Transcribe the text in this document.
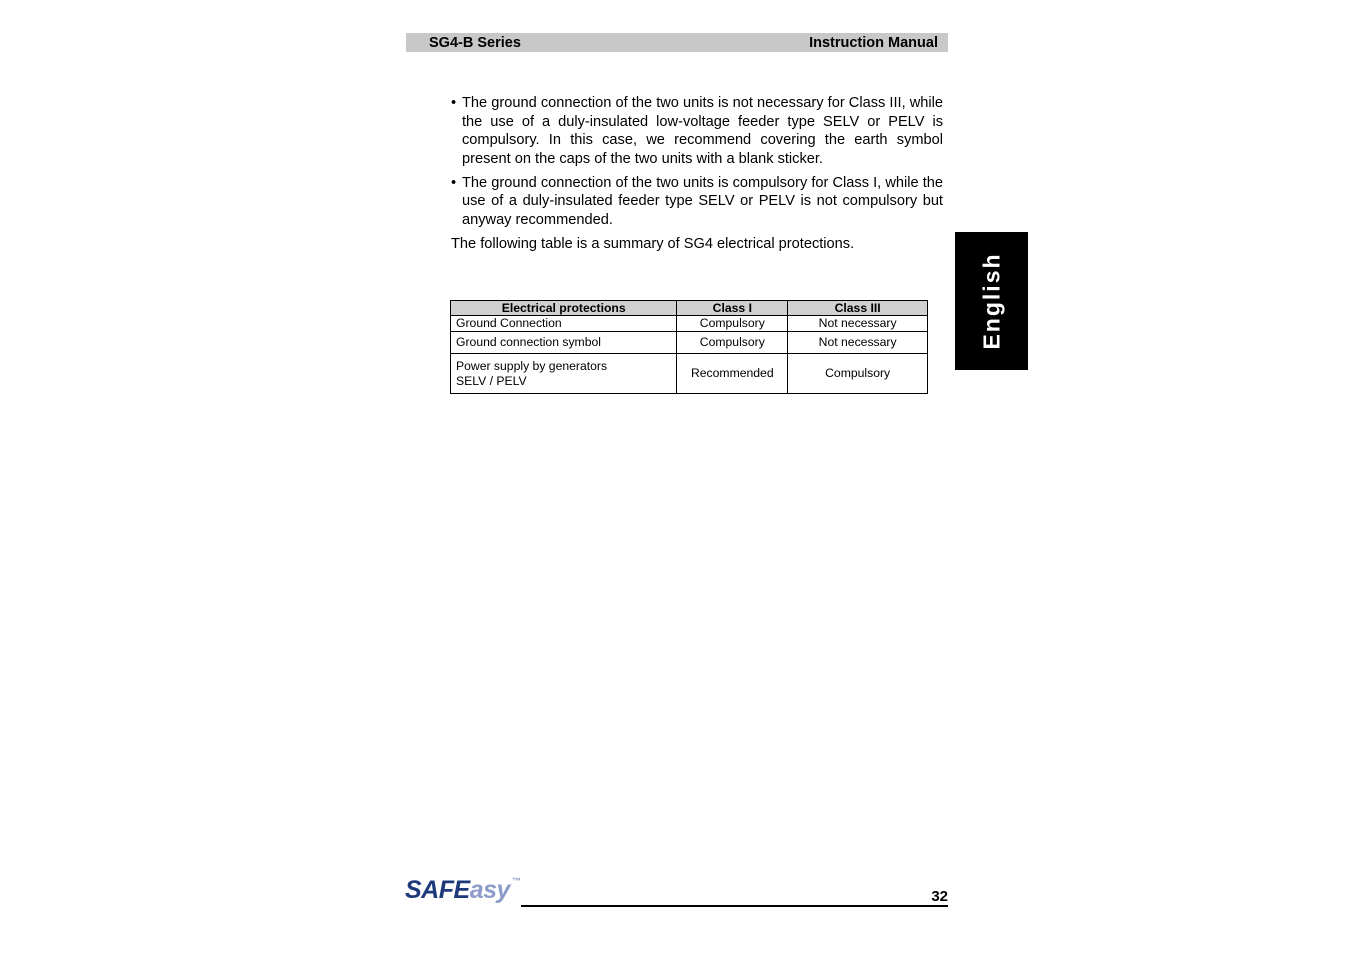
SG4-B Series	Instruction Manual
• The ground connection of the two units is not necessary for Class III, while the use of a duly-insulated low-voltage feeder type SELV or PELV is compulsory. In this case, we recommend covering the earth symbol present on the caps of the two units with a blank sticker.
• The ground connection of the two units is compulsory for Class I, while the use of a duly-insulated feeder type SELV or PELV is not compulsory but anyway recommended.
The following table is a summary of SG4 electrical protections.
Electrical protections	Class I	Class III
Ground Connection	Compulsory	Not necessary
Ground connection symbol	Compulsory	Not necessary

Power supply by generators
SELV / PELV	Recommended	Compulsory
English
SAFEasy ™
32
